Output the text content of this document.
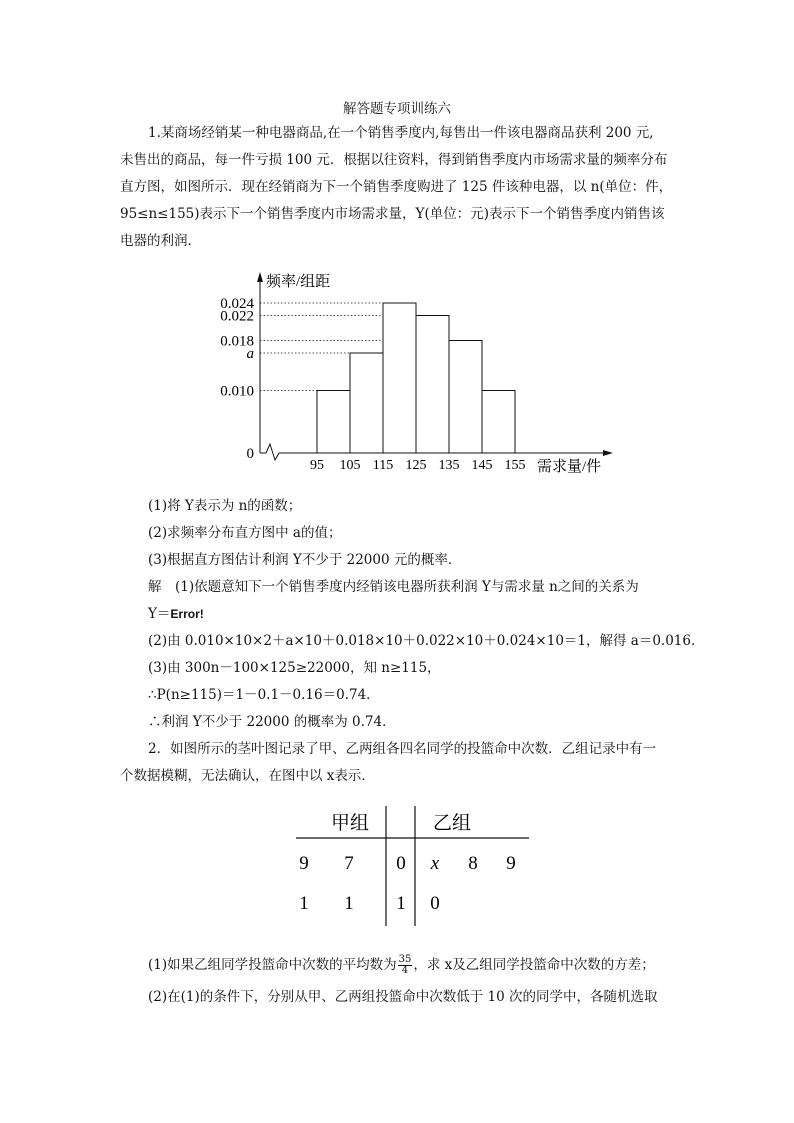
解答题专项训练六
1.某商场经销某一种电器商品,在一个销售季度内,每售出一件该电器商品获利 200 元,
未售出的商品，每一件亏损 100 元．根据以往资料，得到销售季度内市场需求量的频率分布
直方图，如图所示．现在经销商为下一个销售季度购进了 125 件该种电器，以 n(单位：件，
95≤n≤155)表示下一个销售季度内市场需求量，Y(单位：元)表示下一个销售季度内销售该
电器的利润．
频率/组距
0.024
0.022
0.018
a
0.010
0
95 105 115 125 135 145 155 需求量/件
(1)将 Y表示为 n的函数；
(2)求频率分布直方图中 a的值；
(3)根据直方图估计利润 Y不少于 22000 元的概率．
解　(1)依题意知下一个销售季度内经销该电器所获利润 Y与需求量 n之间的关系为
Y＝Error!
(2)由 0.010×10×2＋a×10＋0.018×10＋0.022×10＋0.024×10＝1，解得 a＝0.016．
(3)由 300n－100×125≥22000，知 n≥115，
∴P(n≥115)＝1－0.1－0.16＝0.74．
∴利润 Y不少于 22000 的概率为 0.74．
2．如图所示的茎叶图记录了甲、乙两组各四名同学的投篮命中次数．乙组记录中有一
个数据模糊，无法确认，在图中以 x表示．
甲组	乙组
9 7 0 x 8 9
1 1 1 0
(1)如果乙组同学投篮命中次数的平均数为 $\frac{35}{4}$ ，求 x及乙组同学投篮命中次数的方差；
(2)在(1)的条件下，分别从甲、乙两组投篮命中次数低于 10 次的同学中，各随机选取
